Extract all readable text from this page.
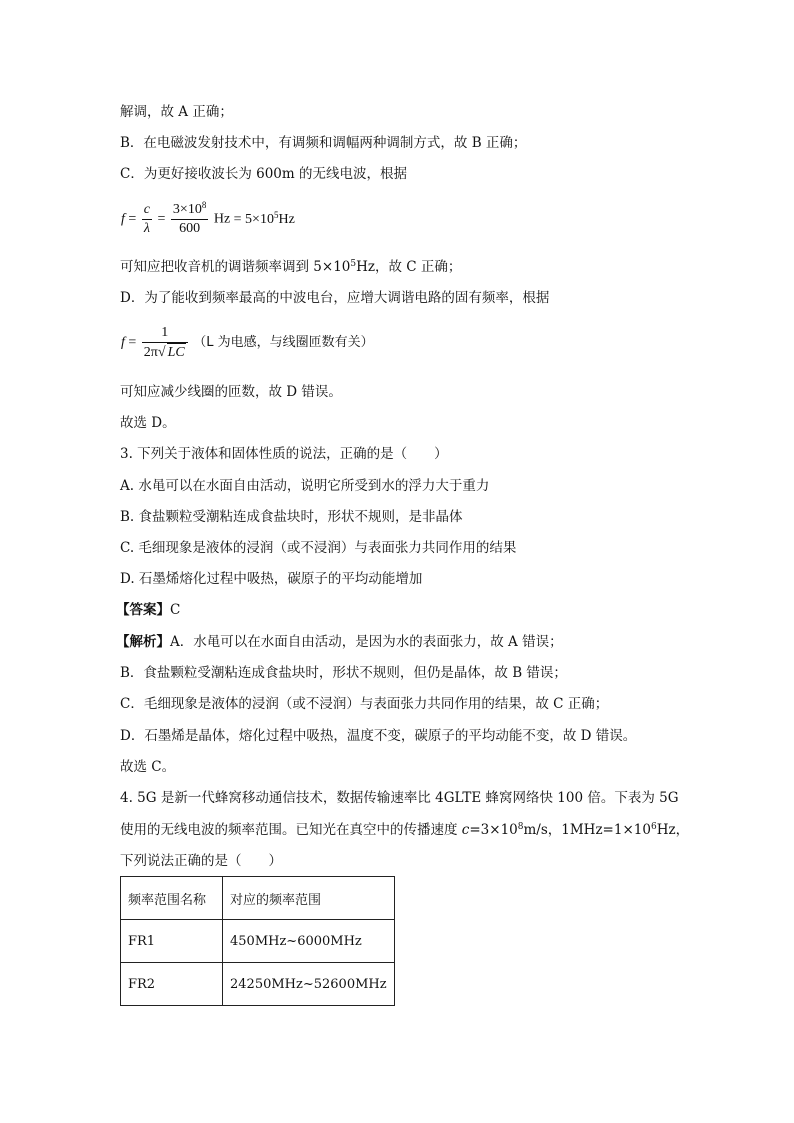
解调，故 A 正确；
B．在电磁波发射技术中，有调频和调幅两种调制方式，故 B 正确；
C．为更好接收波长为 600m 的无线电波，根据
$f = \frac{c}{\lambda} = \frac{3\times 10^8}{600}$ $Hz = 5\times 10^5Hz$
可知应把收音机的调谐频率调到 $5\times 10^5Hz$，故 C 正确；
D．为了能收到频率最高的中波电台，应增大调谐电路的固有频率，根据
$f = \frac{1}{2\pi√ LC} (L$ 为电感，与线圈匝数有关）
可知应减少线圈的匝数，故 D 错误。
故选 D。
3. 下列关于液体和固体性质的说法，正确的是（　　）
A. 水黾可以在水面自由活动，说明它所受到水的浮力大于重力
B. 食盐颗粒受潮粘连成食盐块时，形状不规则，是非晶体
C. 毛细现象是液体的浸润（或不浸润）与表面张力共同作用的结果
D. 石墨烯熔化过程中吸热，碳原子的平均动能增加
【答案】C
【解析】A．水黾可以在水面自由活动，是因为水的表面张力，故 A 错误；
B．食盐颗粒受潮粘连成食盐块时，形状不规则，但仍是晶体，故 B 错误；
C．毛细现象是液体的浸润（或不浸润）与表面张力共同作用的结果，故 C 正确；
D．石墨烯是晶体，熔化过程中吸热，温度不变，碳原子的平均动能不变，故 D 错误。
故选 C。
4. 5G 是新一代蜂窝移动通信技术，数据传输速率比 4GLTE 蜂窝网络快 100 倍。下表为 5G
使用的无线电波的频率范围。已知光在真空中的传播速度 $c=3\times 10^8m/s$，$1MHz=1\times 10^6Hz$，
下列说法正确的是（　　）
频率范围名称	对应的频率范围
FR1	450MHz~6000MHz
FR2	24250MHz~52600MHz
